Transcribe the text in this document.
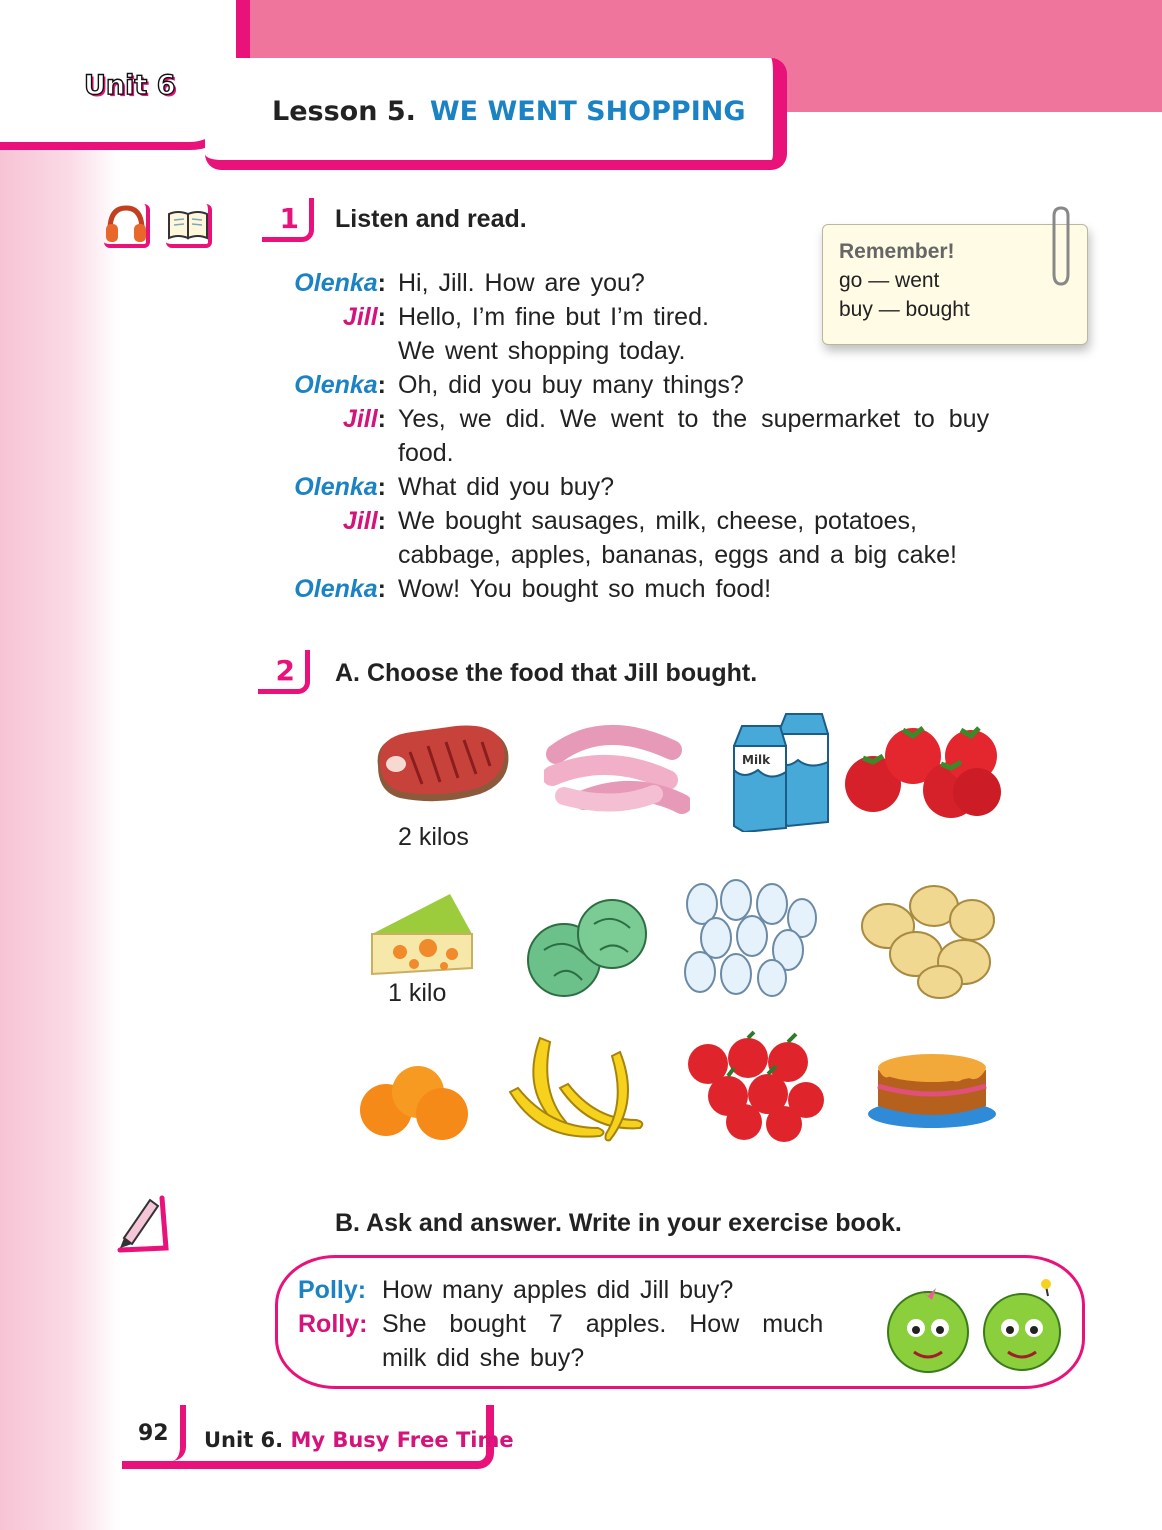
Unit 6
Lesson 5. WE WENT SHOPPING
1 Listen and read.
Olenka: Hi, Jill. How are you?
Jill: Hello, I’m fine but I’m tired.
We went shopping today.
Olenka: Oh, did you buy many things?
Jill: Yes, we did. We went to the supermarket to buy
food.
Olenka: What did you buy?
Jill: We bought sausages, milk, cheese, potatoes,
cabbage, apples, bananas, eggs and a big cake!
Olenka: Wow! You bought so much food!
Remember!
go — went
buy — bought
2 A. Choose the food that Jill bought.
2 kilos
Milk
1 kilo
B. Ask and answer. Write in your exercise book.
Polly: How many apples did Jill buy?
Rolly: She bought 7 apples. How much
milk did she buy?
92 Unit 6. My Busy Free Time
